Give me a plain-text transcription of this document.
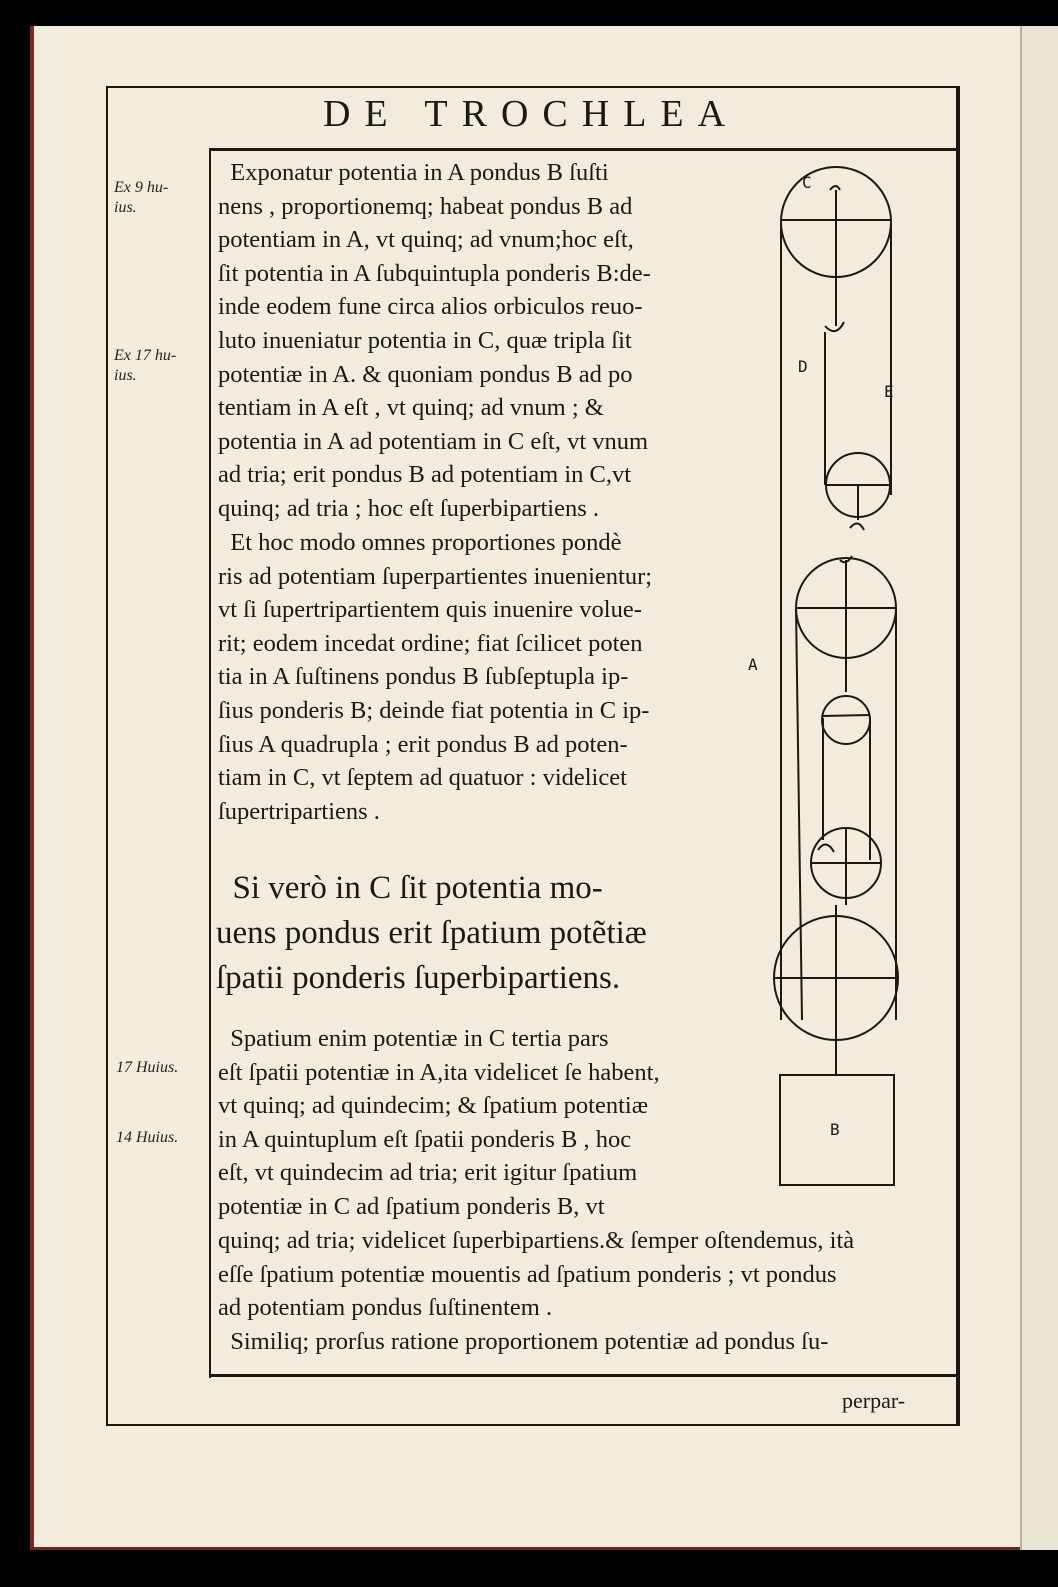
DE TROCHLEA
Ex 9 hu-
ius.
Ex 17 hu-
ius.
17 Huius.
14 Huius.
Exponatur potentia in A pondus B ſuſti
nens , proportionemq; habeat pondus B ad
potentiam in A, vt quinq; ad vnum;hoc eſt,
ſit potentia in A ſubquintupla ponderis B:de-
inde eodem fune circa alios orbiculos reuo-
luto inueniatur potentia in C, quæ tripla ſit
potentiæ in A. & quoniam pondus B ad po
tentiam in A eſt , vt quinq; ad vnum ; &
potentia in A ad potentiam in C eſt, vt vnum
ad tria; erit pondus B ad potentiam in C,vt
quinq; ad tria ; hoc eſt ſuperbipartiens .
Et hoc modo omnes proportiones pondè
ris ad potentiam ſuperpartientes inuenientur;
vt ſi ſupertripartientem quis inuenire volue-
rit; eodem incedat ordine; fiat ſcilicet poten
tia in A ſuſtinens pondus B ſubſeptupla ip-
ſius ponderis B; deinde fiat potentia in C ip-
ſius A quadrupla ; erit pondus B ad poten-
tiam in C, vt ſeptem ad quatuor : videlicet
ſupertripartiens .
Si verò in C ſit potentia mo-
uens pondus erit ſpatium potẽtiæ
ſpatii ponderis ſuperbipartiens.
Spatium enim potentiæ in C tertia pars
eſt ſpatii potentiæ in A,ita videlicet ſe habent,
vt quinq; ad quindecim; & ſpatium potentiæ
in A quintuplum eſt ſpatii ponderis B , hoc
eſt, vt quindecim ad tria; erit igitur ſpatium
potentiæ in C ad ſpatium ponderis B, vt
quinq; ad tria; videlicet ſuperbipartiens.& ſemper oſtendemus, ità
eſſe ſpatium potentiæ mouentis ad ſpatium ponderis ; vt pondus
ad potentiam pondus ſuſtinentem .
Similiq; prorſus ratione proportionem potentiæ ad pondus ſu-
perpar-
C
D
E
A
B
